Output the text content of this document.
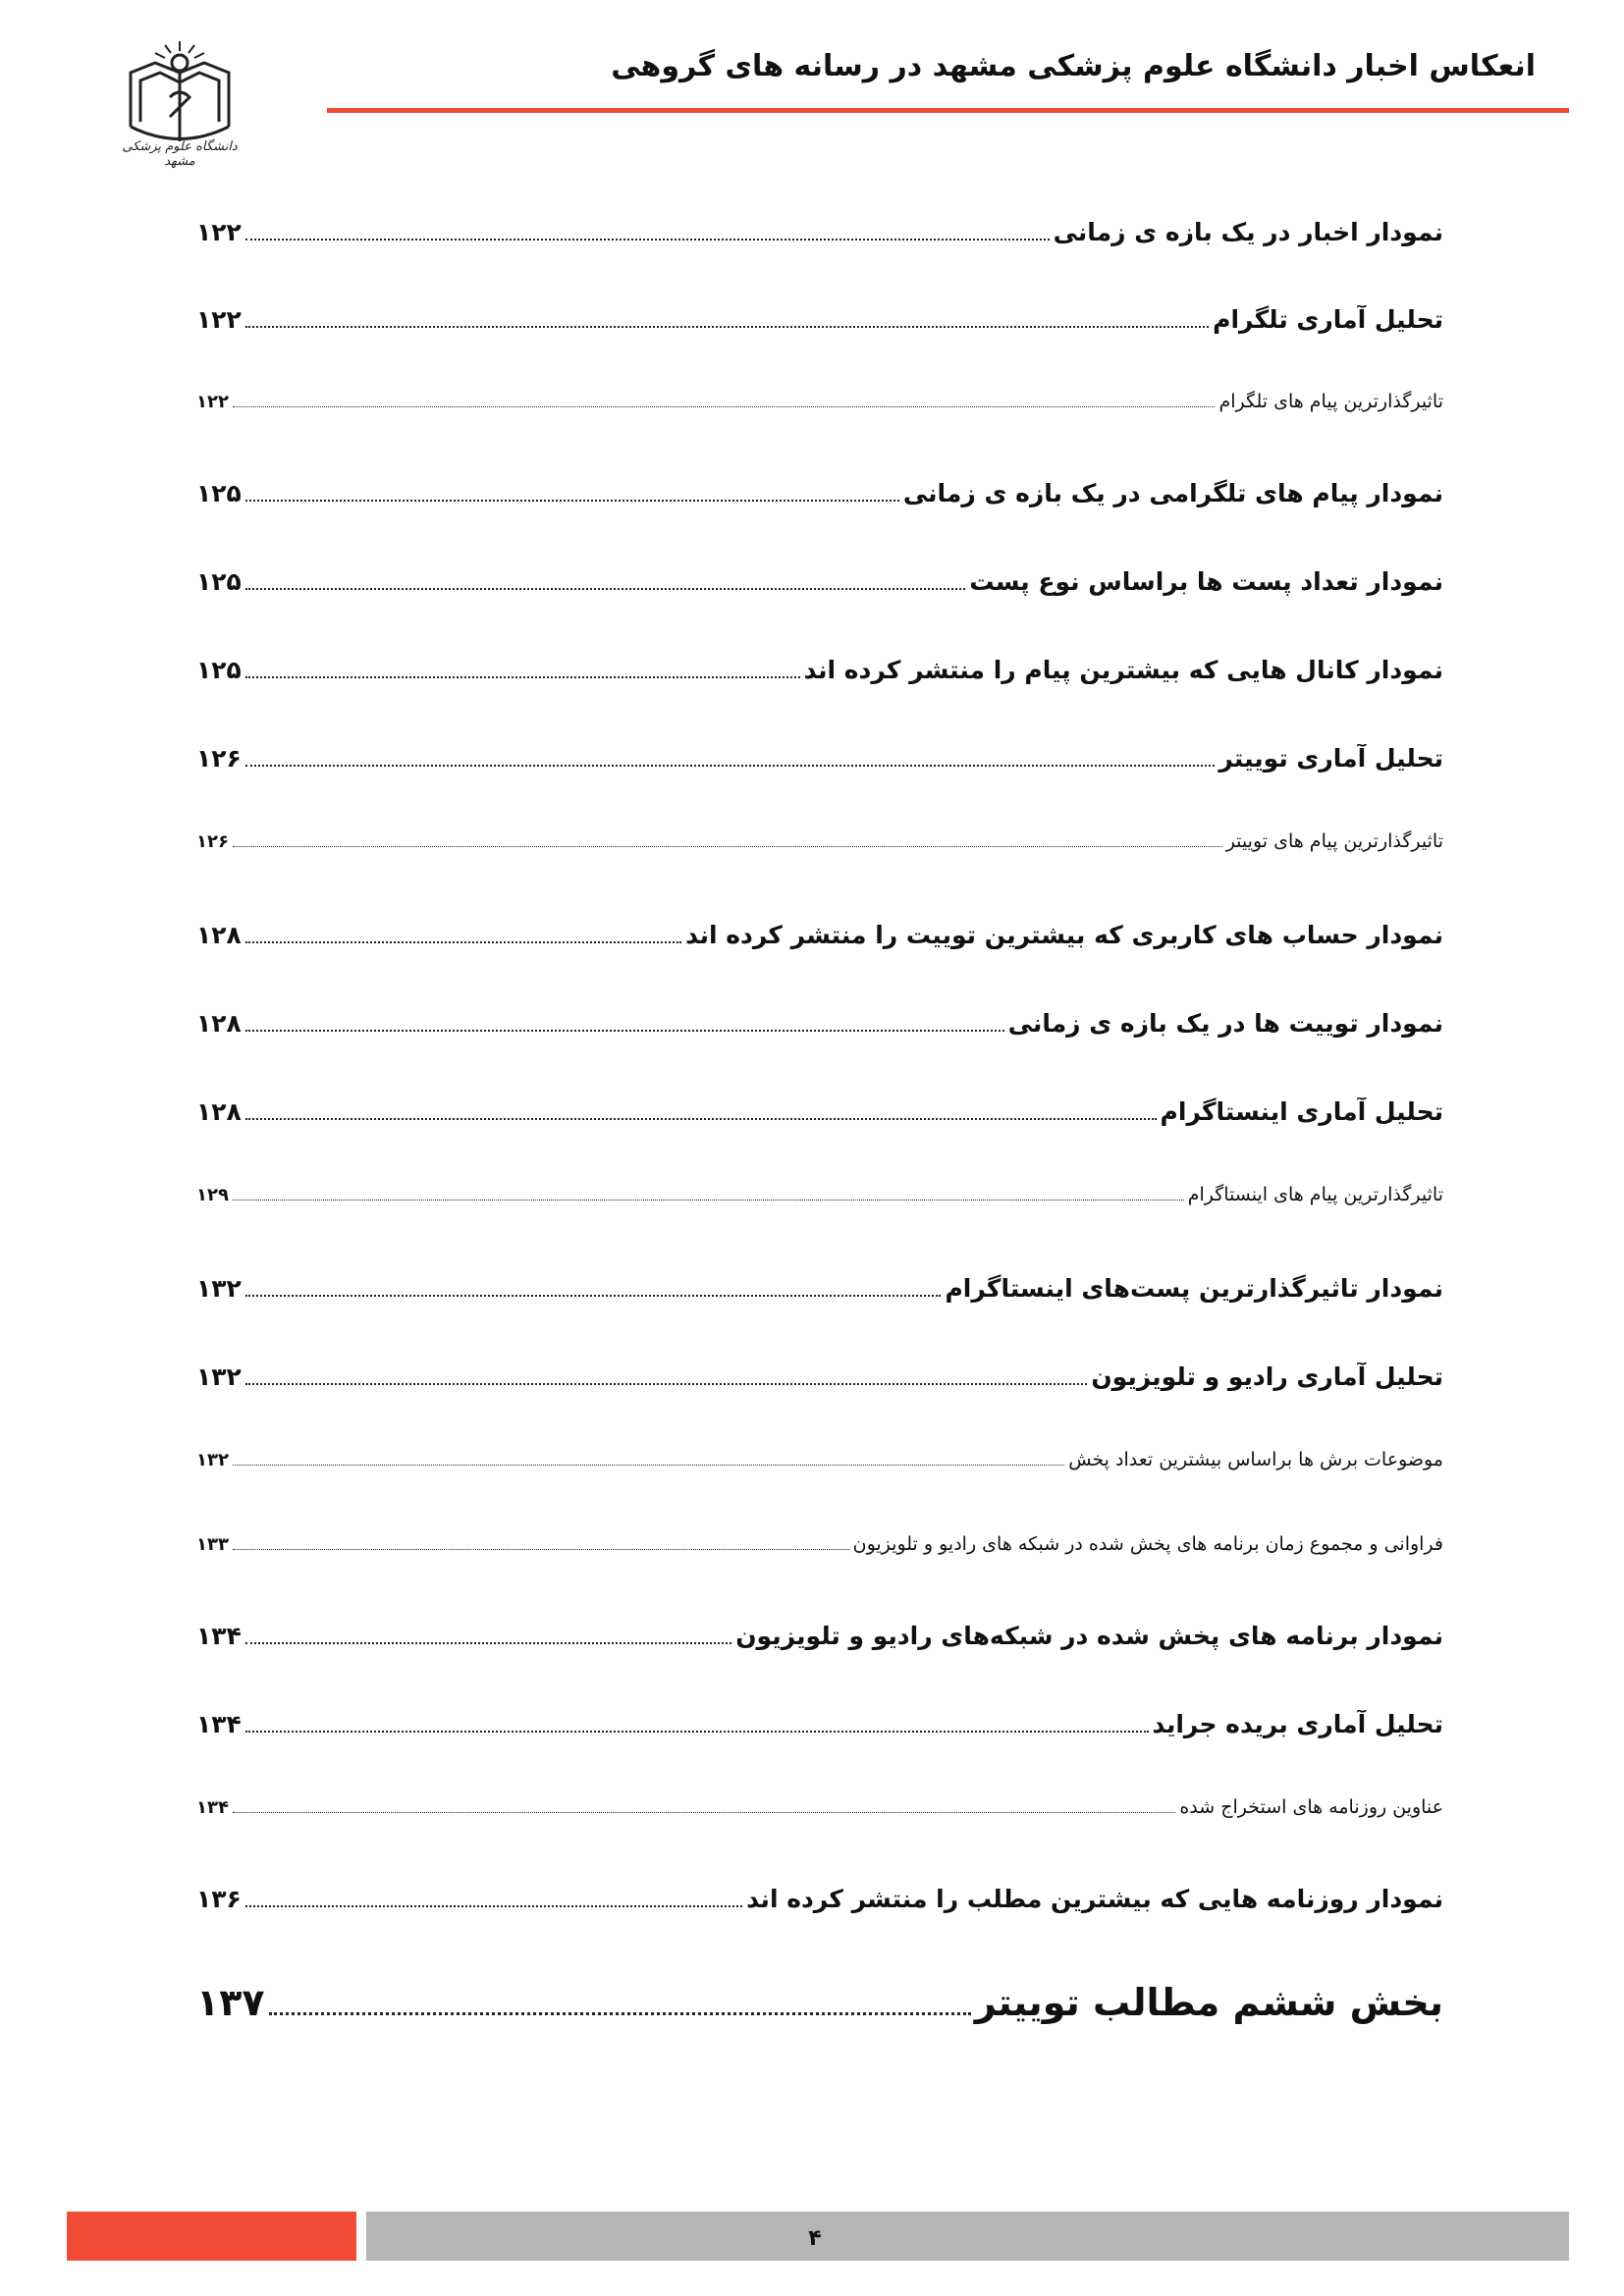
انعکاس اخبار دانشگاه علوم پزشکی مشهد در رسانه های گروهی
دانشگاه علوم پزشکی مشهد
نمودار اخبار در یک بازه ی زمانی
۱۲۲
تحلیل آماری تلگرام
۱۲۲
تاثیرگذارترین پیام های تلگرام
۱۲۲
نمودار پیام های تلگرامی در یک بازه ی زمانی
۱۲۵
نمودار تعداد پست ها براساس نوع پست
۱۲۵
نمودار کانال هایی که بیشترین پیام را منتشر کرده اند
۱۲۵
تحلیل آماری توییتر
۱۲۶
تاثیرگذارترین پیام های توییتر
۱۲۶
نمودار حساب های کاربری که بیشترین توییت را منتشر کرده اند
۱۲۸
نمودار توییت ها در یک بازه ی زمانی
۱۲۸
تحلیل آماری اینستاگرام
۱۲۸
تاثیرگذارترین پیام های اینستاگرام
۱۲۹
نمودار تاثیرگذارترین پست‌های اینستاگرام
۱۳۲
تحلیل آماری رادیو و تلویزیون
۱۳۲
موضوعات برش ها براساس بیشترین تعداد پخش
۱۳۲
فراوانی و مجموع زمان برنامه های پخش شده در شبکه های رادیو و تلویزیون
۱۳۳
نمودار برنامه های پخش شده در شبکه‌های رادیو و تلویزیون
۱۳۴
تحلیل آماری بریده جراید
۱۳۴
عناوین روزنامه های استخراج شده
۱۳۴
نمودار روزنامه هایی که بیشترین مطلب را منتشر کرده اند
۱۳۶
بخش ششم مطالب توییتر
۱۳۷
۴
